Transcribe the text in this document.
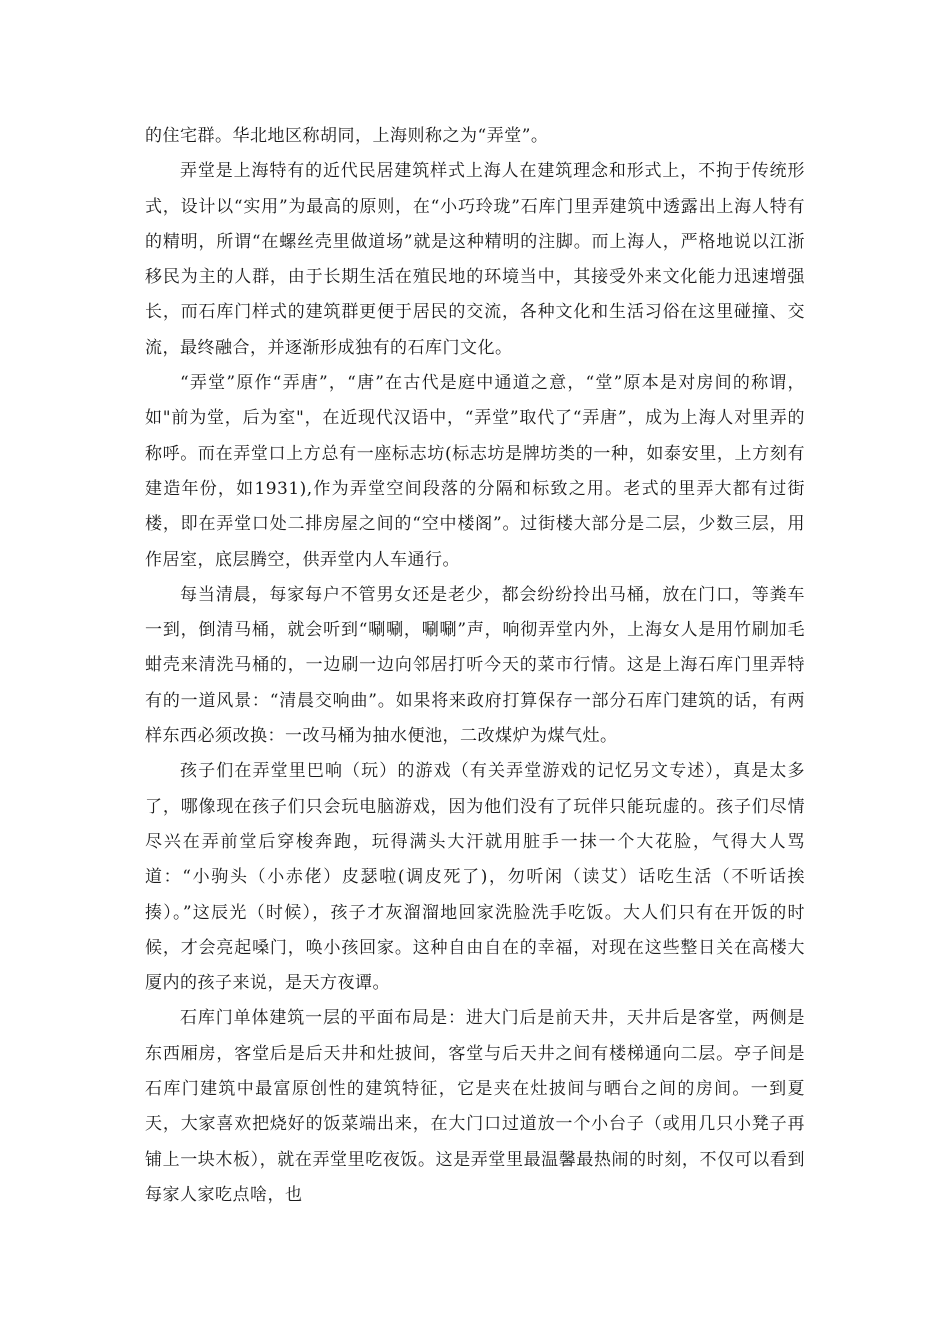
的住宅群。华北地区称胡同，上海则称之为“弄堂”。

弄堂是上海特有的近代民居建筑样式上海人在建筑理念和形式上，不拘于传统形式，设计以“实用”为最高的原则，在“小巧玲珑”石库门里弄建筑中透露出上海人特有的精明，所谓“在螺丝壳里做道场”就是这种精明的注脚。而上海人，严格地说以江浙移民为主的人群，由于长期生活在殖民地的环境当中，其接受外来文化能力迅速增强长，而石库门样式的建筑群更便于居民的交流，各种文化和生活习俗在这里碰撞、交流，最终融合，并逐渐形成独有的石库门文化。

“弄堂”原作“弄唐”，“唐”在古代是庭中通道之意，“堂”原本是对房间的称谓，如"前为堂，后为室"，在近现代汉语中，“弄堂”取代了“弄唐”，成为上海人对里弄的称呼。而在弄堂口上方总有一座标志坊(标志坊是牌坊类的一种，如泰安里，上方刻有建造年份，如1931),作为弄堂空间段落的分隔和标致之用。老式的里弄大都有过街楼，即在弄堂口处二排房屋之间的“空中楼阁”。过街楼大部分是二层，少数三层，用作居室，底层腾空，供弄堂内人车通行。

每当清晨，每家每户不管男女还是老少，都会纷纷拎出马桶，放在门口，等粪车一到，倒清马桶，就会听到“唰唰，唰唰”声，响彻弄堂内外，上海女人是用竹刷加毛蚶壳来清洗马桶的，一边刷一边向邻居打听今天的菜市行情。这是上海石库门里弄特有的一道风景：“清晨交响曲”。如果将来政府打算保存一部分石库门建筑的话，有两样东西必须改换：一改马桶为抽水便池，二改煤炉为煤气灶。

孩子们在弄堂里巴响（玩）的游戏（有关弄堂游戏的记忆另文专述），真是太多了，哪像现在孩子们只会玩电脑游戏，因为他们没有了玩伴只能玩虚的。孩子们尽情尽兴在弄前堂后穿梭奔跑，玩得满头大汗就用脏手一抹一个大花脸，气得大人骂道：“小驹头（小赤佬）皮瑟啦(调皮死了)，勿听闲（读艾）话吃生活（不听话挨揍）。”这辰光（时候），孩子才灰溜溜地回家洗脸洗手吃饭。大人们只有在开饭的时候，才会亮起嗓门，唤小孩回家。这种自由自在的幸福，对现在这些整日关在高楼大厦内的孩子来说，是天方夜谭。

石库门单体建筑一层的平面布局是：进大门后是前天井，天井后是客堂，两侧是东西厢房，客堂后是后天井和灶披间，客堂与后天井之间有楼梯通向二层。亭子间是石库门建筑中最富原创性的建筑特征，它是夹在灶披间与晒台之间的房间。一到夏天，大家喜欢把烧好的饭菜端出来，在大门口过道放一个小台子（或用几只小凳子再铺上一块木板），就在弄堂里吃夜饭。这是弄堂里最温馨最热闹的时刻，不仅可以看到每家人家吃点啥，也
